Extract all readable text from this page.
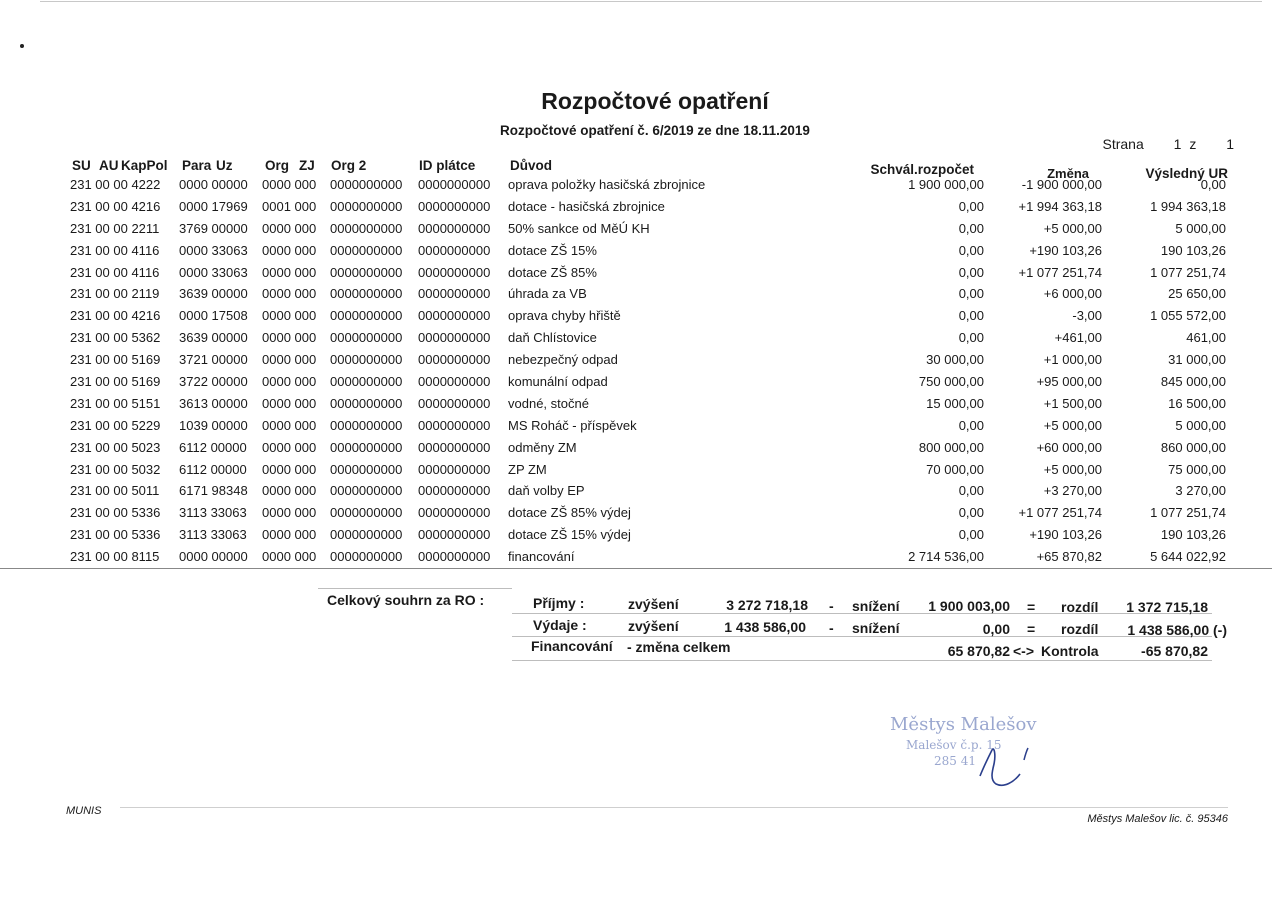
Rozpočtové opatření
Rozpočtové opatření č. 6/2019 ze dne 18.11.2019
Strana 1 z 1
SU AU KapPol Para Uz Org ZJ Org 2	ID plátce	Důvod	Schvál.rozpočet	Změna	Výsledný UR
231 00 00 4222 0000 00000 0000 000 0000000000 0000000000 oprava položky hasičská zbrojnice	1 900 000,00	-1 900 000,00	0,00
231 00 00 4216 0000 17969 0001 000 0000000000 0000000000 dotace - hasičská zbrojnice	0,00	+1 994 363,18	1 994 363,18
231 00 00 2211 3769 00000 0000 000 0000000000 0000000000 50% sankce od MěÚ KH	0,00	+5 000,00	5 000,00
231 00 00 4116 0000 33063 0000 000 0000000000 0000000000 dotace ZŠ 15%	0,00	+190 103,26	190 103,26
231 00 00 4116 0000 33063 0000 000 0000000000 0000000000 dotace ZŠ 85%	0,00	+1 077 251,74	1 077 251,74
231 00 00 2119 3639 00000 0000 000 0000000000 0000000000 úhrada za VB	0,00	+6 000,00	25 650,00
231 00 00 4216 0000 17508 0000 000 0000000000 0000000000 oprava chyby hřiště	0,00	-3,00	1 055 572,00
231 00 00 5362 3639 00000 0000 000 0000000000 0000000000 daň Chlístovice	0,00	+461,00	461,00
231 00 00 5169 3721 00000 0000 000 0000000000 0000000000 nebezpečný odpad	30 000,00	+1 000,00	31 000,00
231 00 00 5169 3722 00000 0000 000 0000000000 0000000000 komunální odpad	750 000,00	+95 000,00	845 000,00
231 00 00 5151 3613 00000 0000 000 0000000000 0000000000 vodné, stočné	15 000,00	+1 500,00	16 500,00
231 00 00 5229 1039 00000 0000 000 0000000000 0000000000 MS Roháč - příspěvek	0,00	+5 000,00	5 000,00
231 00 00 5023 6112 00000 0000 000 0000000000 0000000000 odměny ZM	800 000,00	+60 000,00	860 000,00
231 00 00 5032 6112 00000 0000 000 0000000000 0000000000 ZP ZM	70 000,00	+5 000,00	75 000,00
231 00 00 5011 6171 98348 0000 000 0000000000 0000000000 daň volby EP	0,00	+3 270,00	3 270,00
231 00 00 5336 3113 33063 0000 000 0000000000 0000000000 dotace ZŠ 85% výdej	0,00	+1 077 251,74	1 077 251,74
231 00 00 5336 3113 33063 0000 000 0000000000 0000000000 dotace ZŠ 15% výdej	0,00	+190 103,26	190 103,26
231 00 00 8115 0000 00000 0000 000 0000000000 0000000000 financování	2 714 536,00	+65 870,82	5 644 022,92
Celkový souhrn za RO :	Příjmy :	zvýšení	3 272 718,18 - snížení 1 900 003,00 = rozdíl 1 372 715,18
Výdaje :	zvýšení	1 438 586,00 - snížení	0,00 = rozdíl 1 438 586,00 (-)
Financování - změna celkem	65 870,82 <-> Kontrola	-65 870,82
Městys Malešov
Malešov č.p. 15
285 41
MUNIS
Městys Malešov lic. č. 95346
